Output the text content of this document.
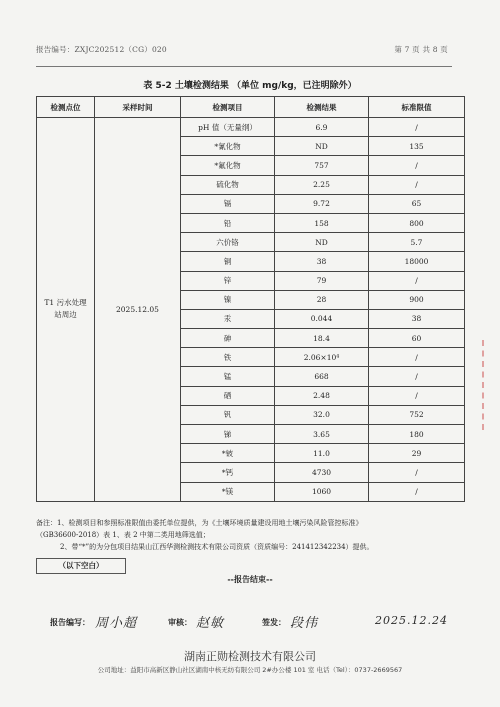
报告编号：ZXJC202512（CG）020	第 7 页 共 8 页
表 5-2 土壤检测结果 （单位 mg/kg，已注明除外）
检测点位	采样时间	检测项目	检测结果	标准限值
T1 污水处理站周边	2025.12.05	pH 值（无量纲）	6.9	/
		*氰化物	ND	135
		*氟化物	757	/
		硫化物	2.25	/
		镉	9.72	65
		铅	158	800
		六价铬	ND	5.7
		铜	38	18000
		锌	79	/
		镍	28	900
		汞	0.044	38
		砷	18.4	60
		铁	2.06×10⁴	/
		锰	668	/
		硒	2.48	/
		钒	32.0	752
		锑	3.65	180
		*铍	11.0	29
		*钙	4730	/
		*镁	1060	/

备注：1、检测项目和参照标准限值由委托单位提供，为《土壤环境质量建设用地土壤污染风险管控标准》

（GB36600-2018）表 1、表 2 中第二类用地筛选值；

2、带“*”的为分包项目结果山江西华测检测技术有限公司资质（资质编号：241412342234）提供。

（以下空白）
--报告结束--
报告编写： 周小超	审核： 赵敏	签发： 段伟	2025.12.24
湖南正勋检测技术有限公司
公司地址：益阳市高新区静山社区湖南中核无纺有限公司 2#办公楼 101 室 电话（Tel）：0737-2669567
